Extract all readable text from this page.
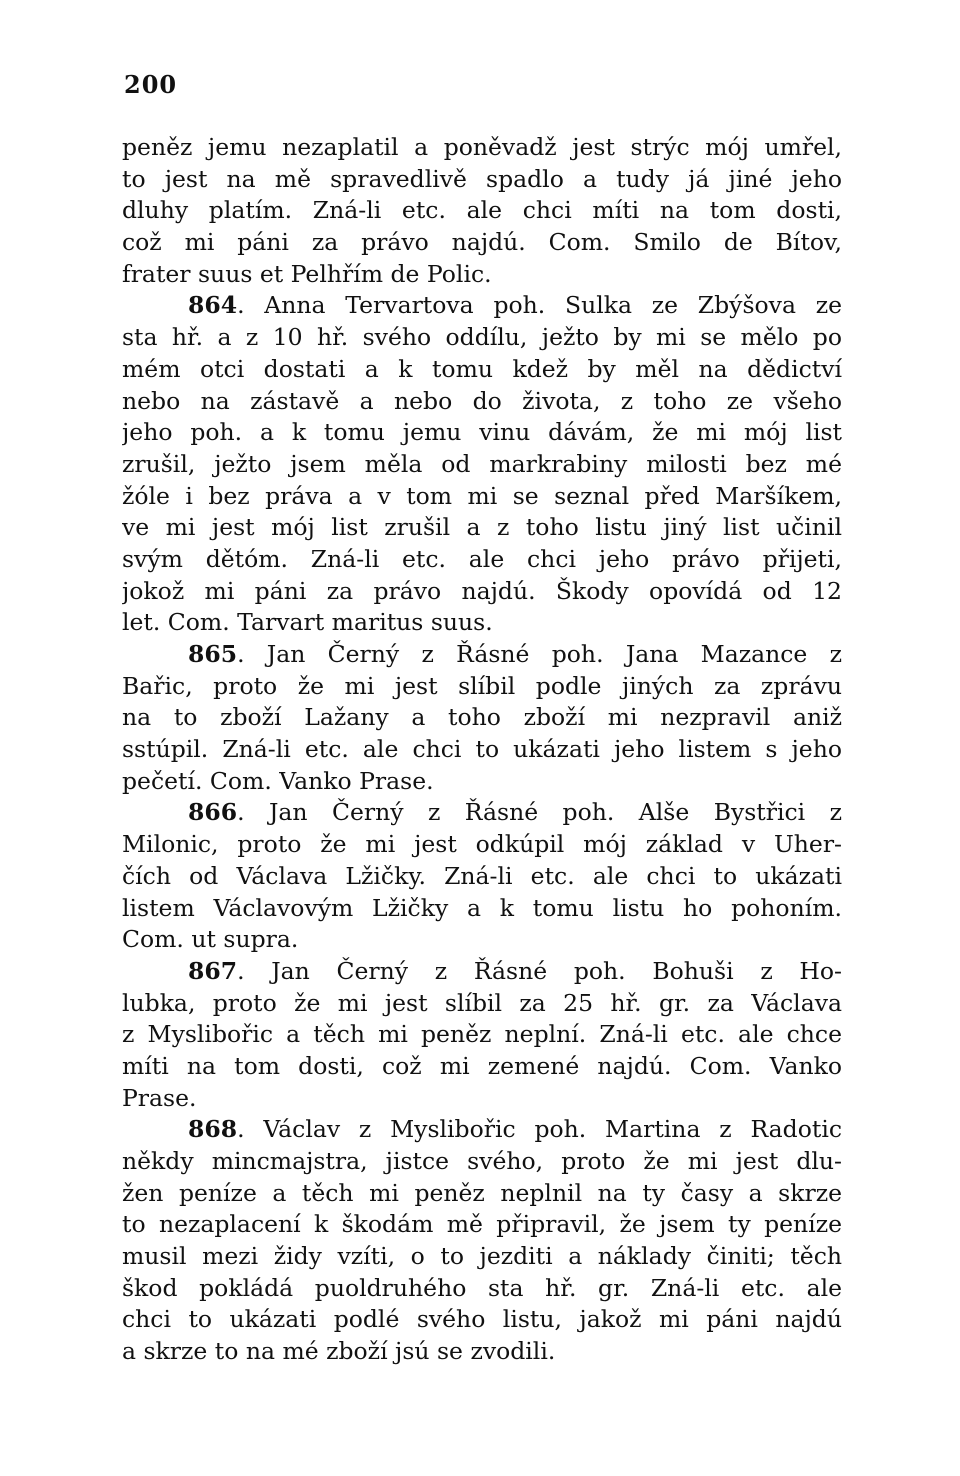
200
peněz jemu nezaplatil a poněvadž jest strýc mój umřel,
to jest na mě spravedlivě spadlo a tudy já jiné jeho
dluhy platím. Zná-li etc. ale chci míti na tom dosti,
což mi páni za právo najdú. Com. Smilo de Bítov,
frater suus et Pelhřím de Polic.
864. Anna Tervartova poh. Sulka ze Zbýšova ze
sta hř. a z 10 hř. svého oddílu, ježto by mi se mělo po
mém otci dostati a k tomu kdež by měl na dědictví
nebo na zástavě a nebo do života, z toho ze všeho
jeho poh. a k tomu jemu vinu dávám, že mi mój list
zrušil, ježto jsem měla od markrabiny milosti bez mé
žóle i bez práva a v tom mi se seznal před Maršíkem,
ve mi jest mój list zrušil a z toho listu jiný list učinil
svým dětóm. Zná-li etc. ale chci jeho právo přijeti,
jokož mi páni za právo najdú. Škody opovídá od 12
let. Com. Tarvart maritus suus.
865. Jan Černý z Řásné poh. Jana Mazance z
Bařic, proto že mi jest slíbil podle jiných za zprávu
na to zboží Lažany a toho zboží mi nezpravil aniž
sstúpil. Zná-li etc. ale chci to ukázati jeho listem s jeho
pečetí. Com. Vanko Prase.
866. Jan Černý z Řásné poh. Alše Bystřici z
Milonic, proto že mi jest odkúpil mój základ v Uher-
čích od Václava Lžičky. Zná-li etc. ale chci to ukázati
listem Václavovým Lžičky a k tomu listu ho pohoním.
Com. ut supra.
867. Jan Černý z Řásné poh. Bohuši z Ho-
lubka, proto že mi jest slíbil za 25 hř. gr. za Václava
z Myslibořic a těch mi peněz neplní. Zná-li etc. ale chce
míti na tom dosti, což mi zemené najdú. Com. Vanko
Prase.
868. Václav z Myslibořic poh. Martina z Radotic
někdy mincmajstra, jistce svého, proto že mi jest dlu-
žen peníze a těch mi peněz neplnil na ty časy a skrze
to nezaplacení k škodám mě připravil, že jsem ty peníze
musil mezi židy vzíti, o to jezditi a náklady činiti; těch
škod pokládá puoldruhého sta hř. gr. Zná-li etc. ale
chci to ukázati podlé svého listu, jakož mi páni najdú
a skrze to na mé zboží jsú se zvodili.
